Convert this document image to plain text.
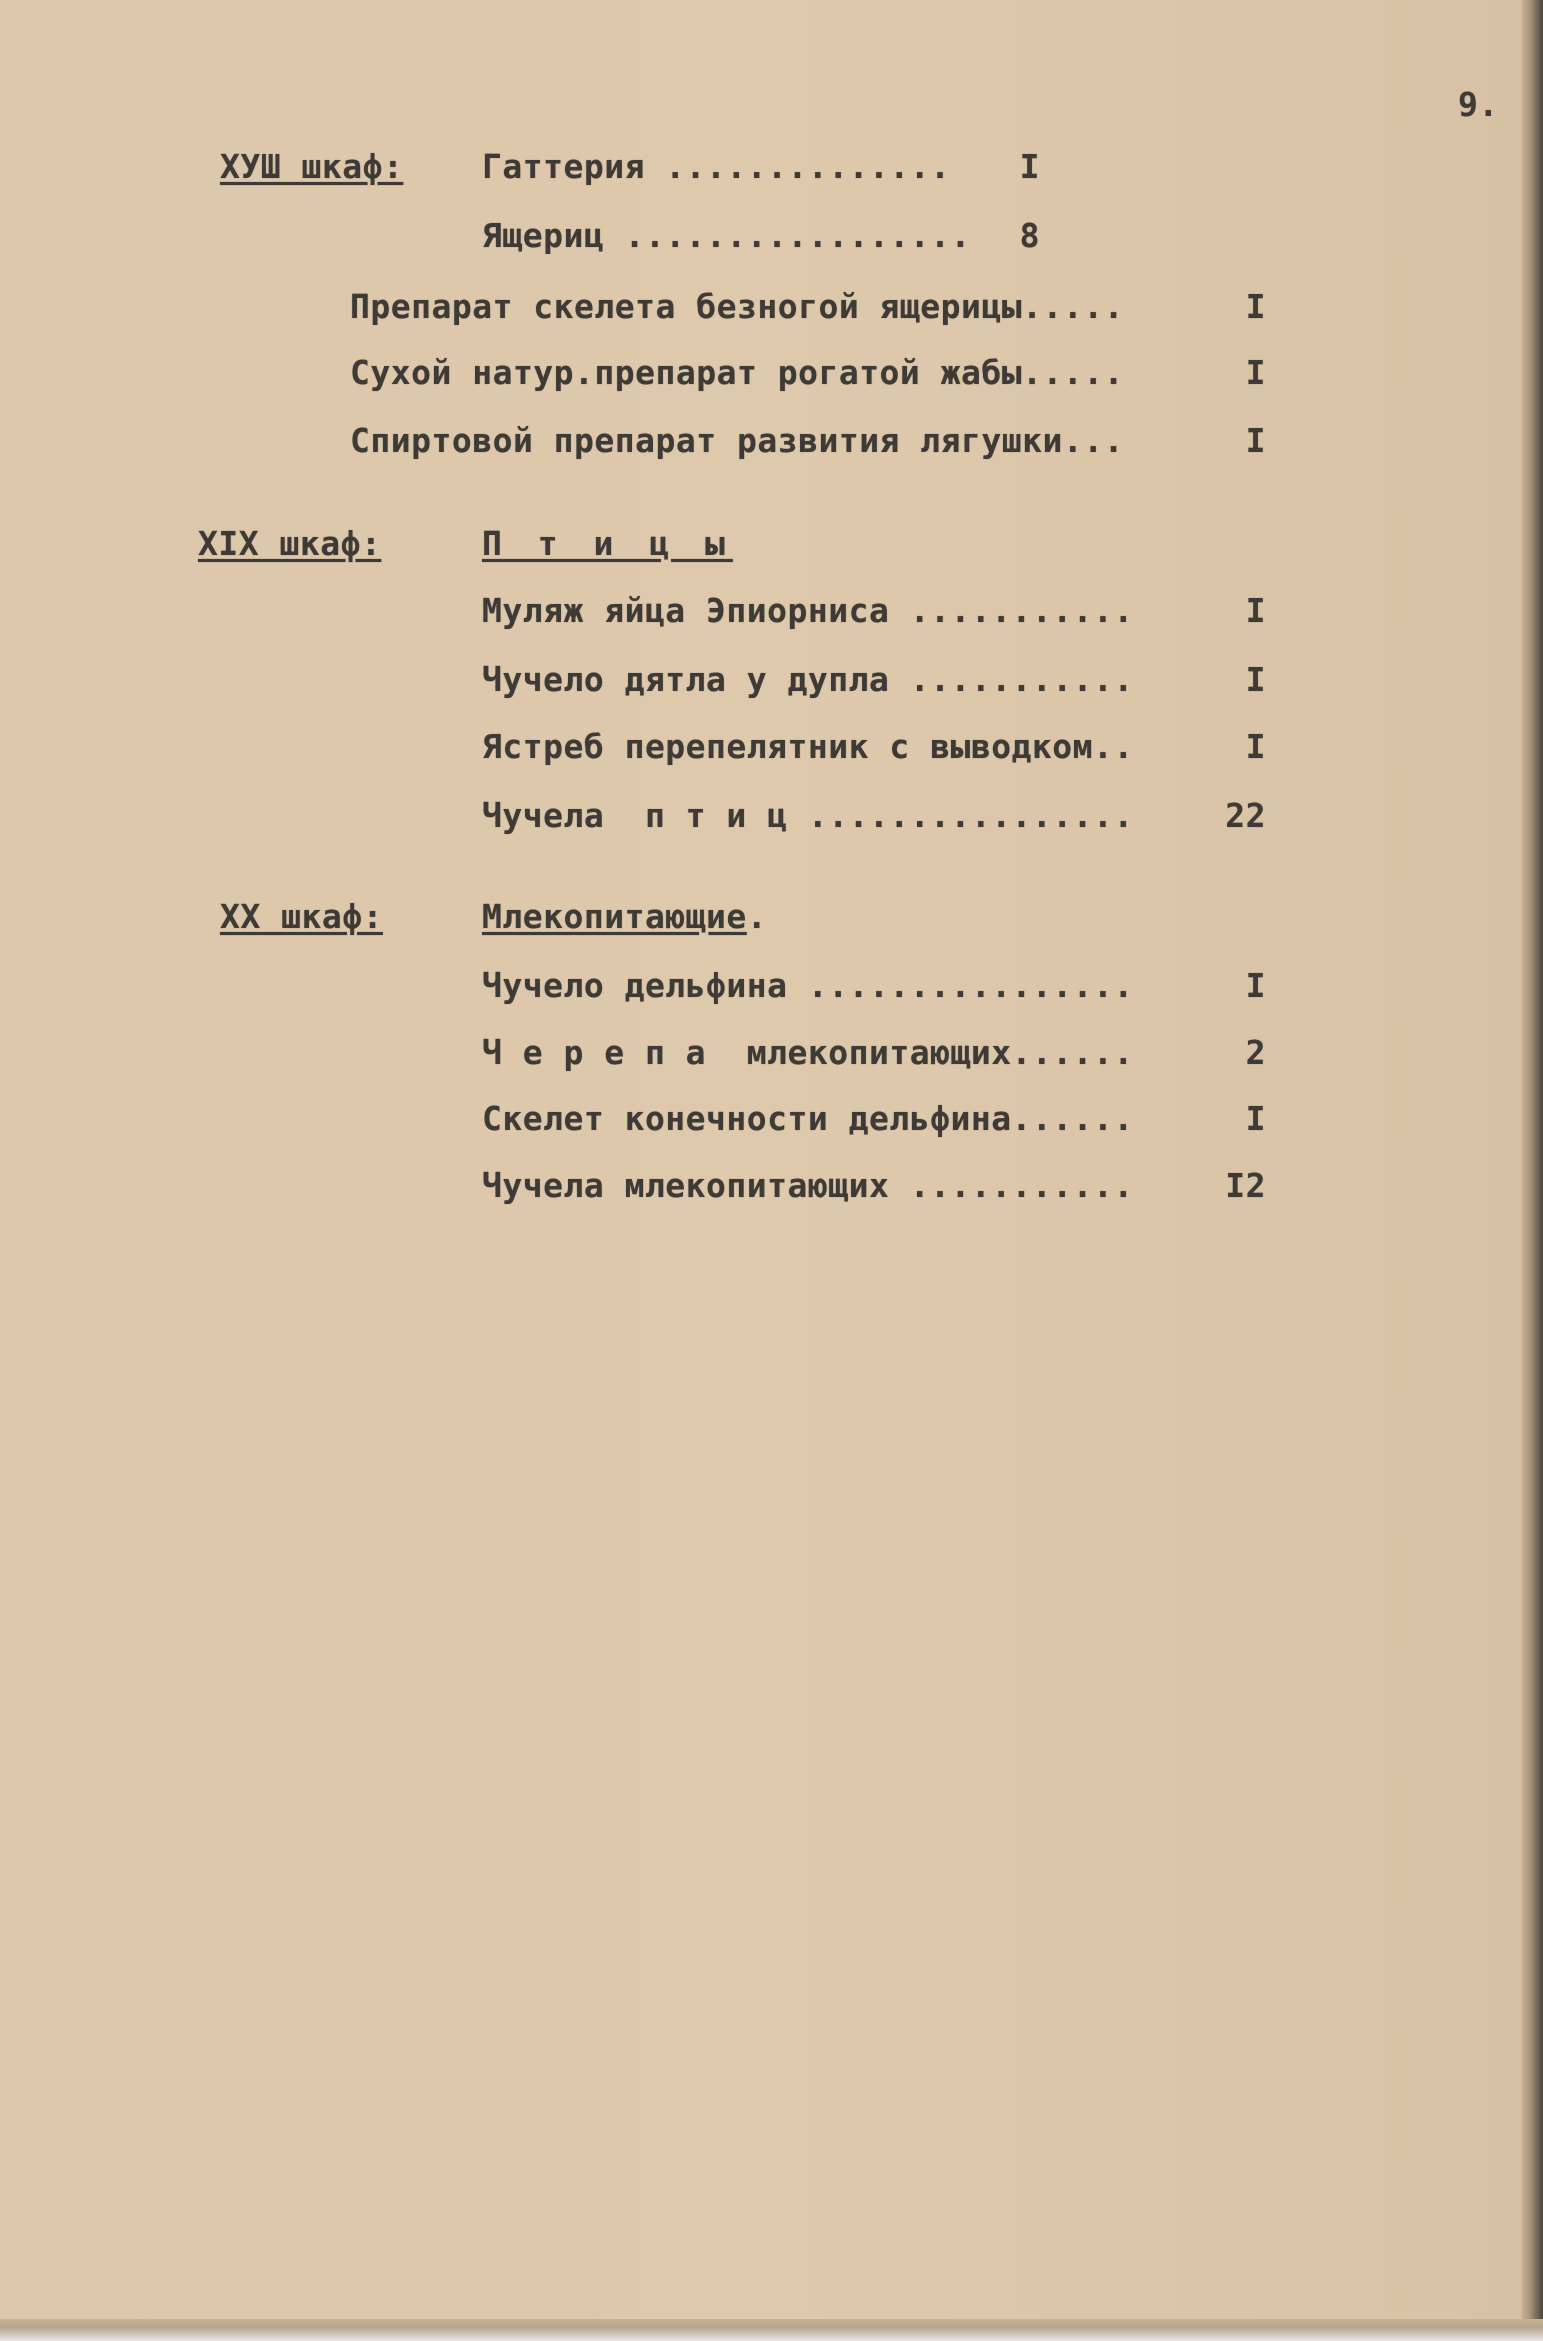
9.
ХУШ шкаф: Гаттерия ..............	I
Ящериц .................	8
Препарат скелета безногой ящерицы.....	I
Сухой натур.препарат рогатой жабы.....	I
Спиртовой препарат развития лягушки...	I
XIX шкаф:	П т и ц ы
Муляж яйца Эпиорниса ...........	I
Чучело дятла у дупла ...........	I
Ястреб перепелятник с выводком..	I
Чучела  п т и ц ................	22
XX шкаф:	Млекопитающие.
Чучело дельфина ................	I
Ч е р е п а  млекопитающих......	2
Скелет конечности дельфина......	I
Чучела млекопитающих ...........	I2
